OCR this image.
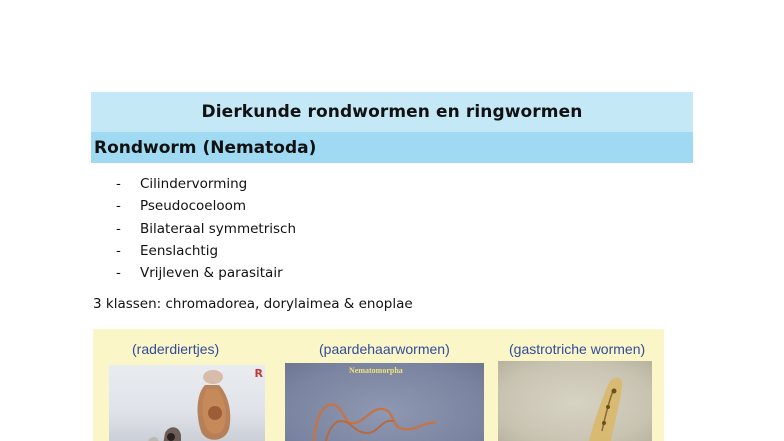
Dierkunde rondwormen en ringwormen
Rondworm (Nematoda)
-	Cilindervorming
-	Pseudocoeloom
-	Bilateraal symmetrisch
-	Eenslachtig
-	Vrijleven & parasitair
3 klassen: chromadorea, dorylaimea & enoplae
(raderdiertjes)	(paardehaarwormen)	(gastrotriche wormen)
R	Nematomorpha
